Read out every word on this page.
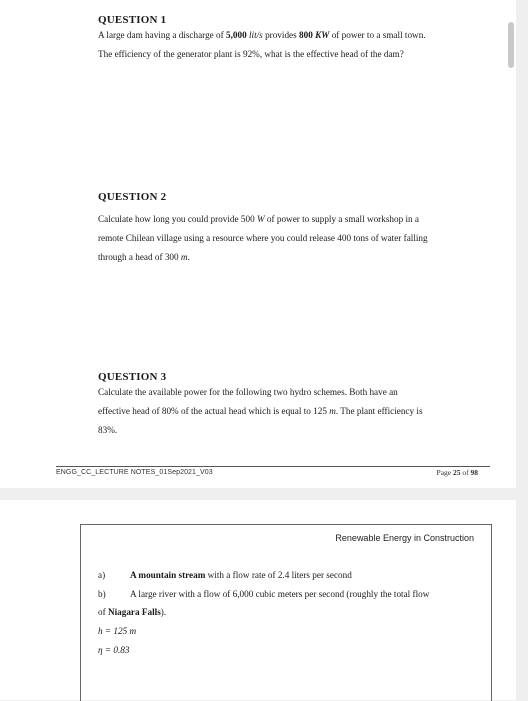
QUESTION 1
A large dam having a discharge of 5,000 lit/s provides 800 KW of power to a small town.
The efficiency of the generator plant is 92%, what is the effective head of the dam?
QUESTION 2
Calculate how long you could provide 500 W of power to supply a small workshop in a
remote Chilean village using a resource where you could release 400 tons of water falling
through a head of 300 m.
QUESTION 3
Calculate the available power for the following two hydro schemes. Both have an
effective head of 80% of the actual head which is equal to 125 m. The plant efficiency is
83%.
ENGG_CC_LECTURE NOTES_01Sep2021_V03	Page 25 of 98
Renewable Energy in Construction
a)	A mountain stream with a flow rate of 2.4 liters per second
b)	A large river with a flow of 6,000 cubic meters per second (roughly the total flow
of Niagara Falls).
h = 125 m
η = 0.83
